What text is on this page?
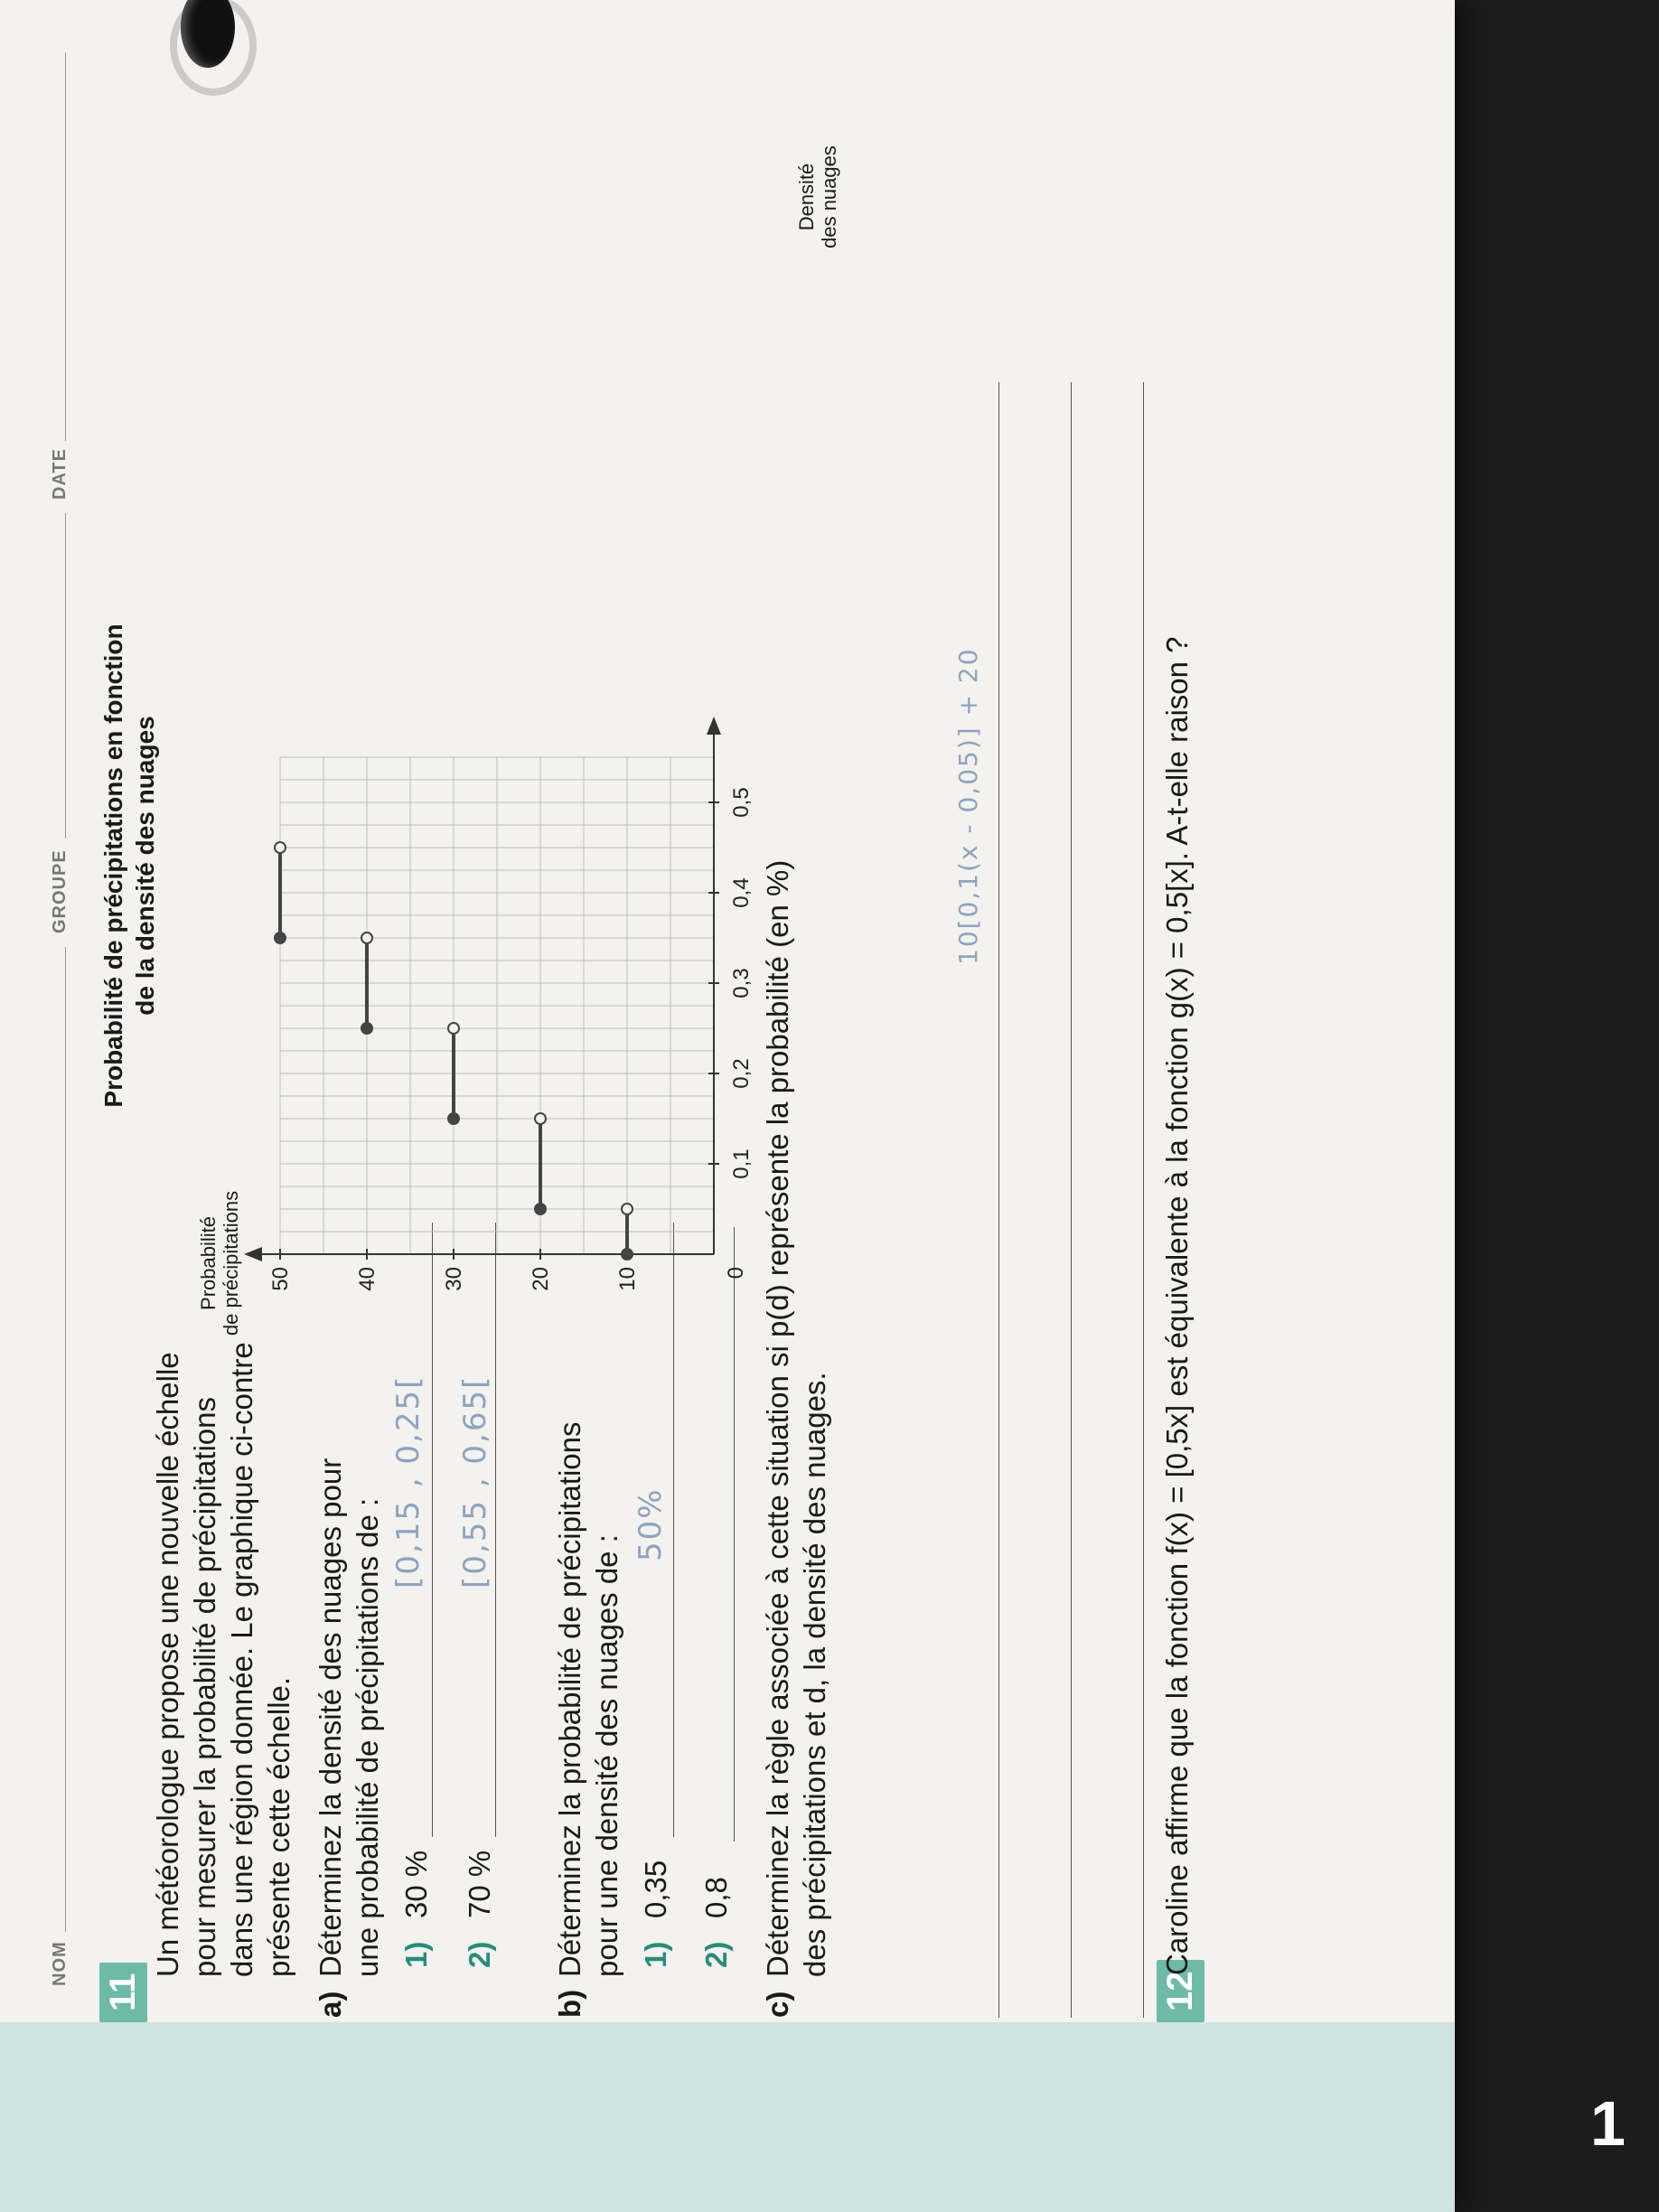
NOM
GROUPE
DATE
11
Un météorologue propose une nouvelle échelle pour mesurer la probabilité de précipitations dans une région donnée. Le graphique ci-contre présente cette échelle.
a)
Déterminez la densité des nuages pour une probabilité de précipitations de : 1)
30 %
[0,15 , 0,25[
2)
70 %
[0,55 , 0,65[
b)
Déterminez la probabilité de précipitations pour une densité des nuages de : 1)
0,35
50%
2)
0,8
c)
Déterminez la règle associée à cette situation si p(d) représente la probabilité (en %) des précipitations et d, la densité des nuages.
10[0,1(x - 0,05)] + 20
12
Caroline affirme que la fonction f(x) = [0,5x] est équivalente à la fonction g(x) = 0,5[x]. A-t-elle raison ?
Probabilité de précipitations en fonction de la densité des nuages
Probabilité de précipitations
Densité des nuages
0,1
0,2
0,3
0,4
0,5
10
20
30
40
50	0
1
